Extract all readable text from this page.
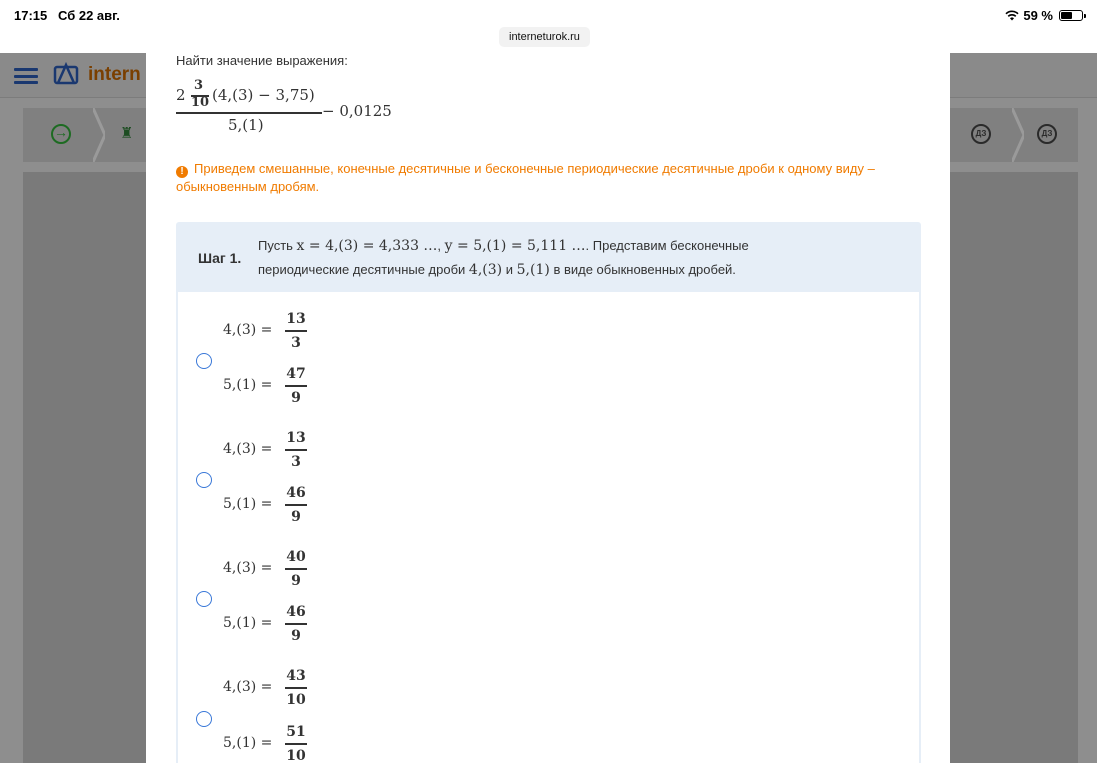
17:15 Сб 22 авг.	59 %
interneturok.ru
intern
→
♜	ДЗ	ДЗ
Найти значение выражения:
2
3
10 (4,(3) − 3,75)
5,(1)
− 0,0125
! Приведем смешанные, конечные десятичные и бесконечные периодические десятичные дроби к одному виду – обыкновенным дробям.
Шаг 1.
Пусть x = 4,(3) = 4,333 …, y = 5,(1) = 5,111 …. Представим бесконечные периодические десятичные дроби 4,(3) и 5,(1) в виде обыкновенных дробей.
4,(3) =
13
3
5,(1) =
47
9
4,(3) =
13
3
5,(1) =
46
9
4,(3) =
40
9
5,(1) =
46
9
4,(3) =
43
10
5,(1) =
51
10
